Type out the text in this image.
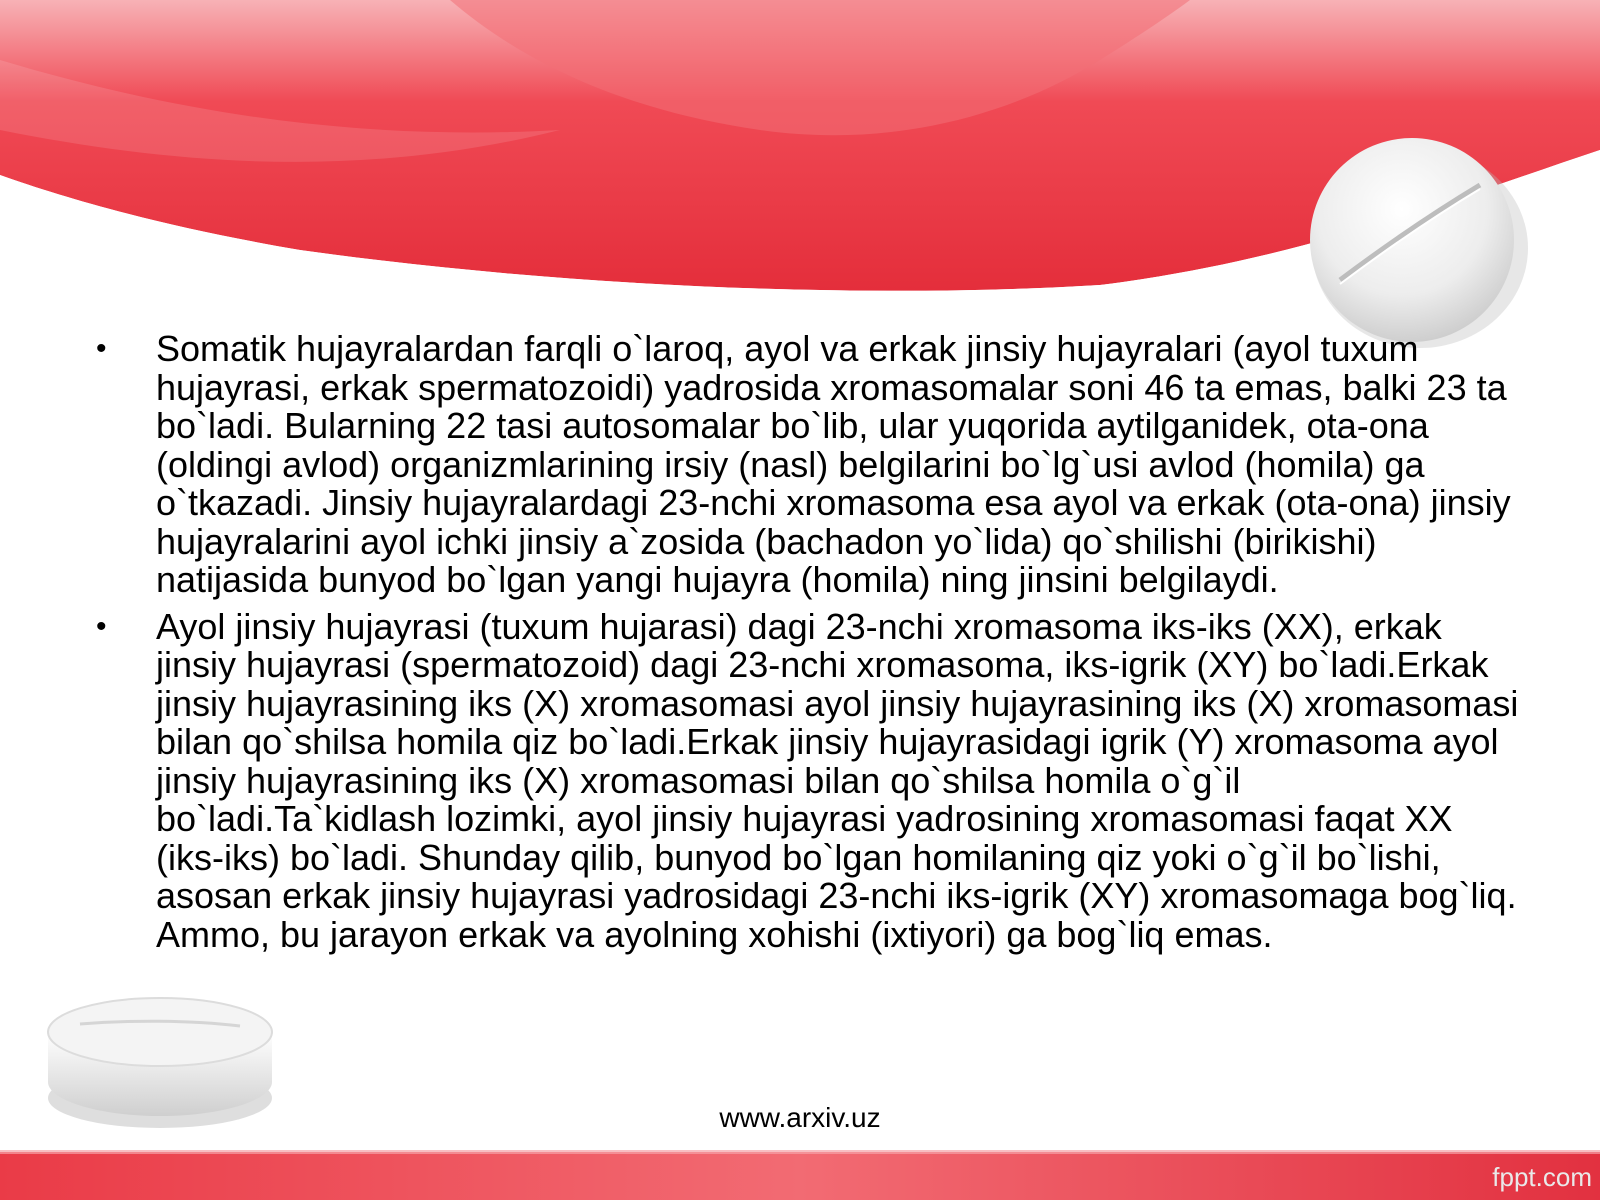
• Somatik hujayralardan farqli o`laroq, ayol va erkak jinsiy hujayralari (ayol tuxum hujayrasi, erkak spermatozoidi) yadrosida xromasomalar soni 46 ta emas, balki 23 ta bo`ladi. Bularning 22 tasi autosomalar bo`lib, ular yuqorida aytilganidek, ota-ona (oldingi avlod) organizmlarining irsiy (nasl) belgilarini bo`lg`usi avlod (homila) ga o`tkazadi. Jinsiy hujayralardagi 23-nchi xromasoma esa ayol va erkak (ota-ona) jinsiy hujayralarini ayol ichki jinsiy a`zosida (bachadon yo`lida) qo`shilishi (birikishi) natijasida bunyod bo`lgan yangi hujayra (homila) ning jinsini belgilaydi.
• Ayol jinsiy hujayrasi (tuxum hujarasi) dagi 23-nchi xromasoma iks-iks (XX), erkak jinsiy hujayrasi (spermatozoid) dagi 23-nchi xromasoma, iks-igrik (XY) bo`ladi.Erkak jinsiy hujayrasining iks (X) xromasomasi ayol jinsiy hujayrasining iks (X) xromasomasi bilan qo`shilsa homila qiz bo`ladi.Erkak jinsiy hujayrasidagi igrik (Y) xromasoma ayol jinsiy hujayrasining iks (X) xromasomasi bilan qo`shilsa homila o`g`il bo`ladi.Ta`kidlash lozimki, ayol jinsiy hujayrasi yadrosining xromasomasi faqat XX (iks-iks) bo`ladi. Shunday qilib, bunyod bo`lgan homilaning qiz yoki o`g`il bo`lishi, asosan erkak jinsiy hujayrasi yadrosidagi 23-nchi iks-igrik (XY) xromasomaga bog`liq. Ammo, bu jarayon erkak va ayolning xohishi (ixtiyori) ga bog`liq emas.
www.arxiv.uz
fppt.com
